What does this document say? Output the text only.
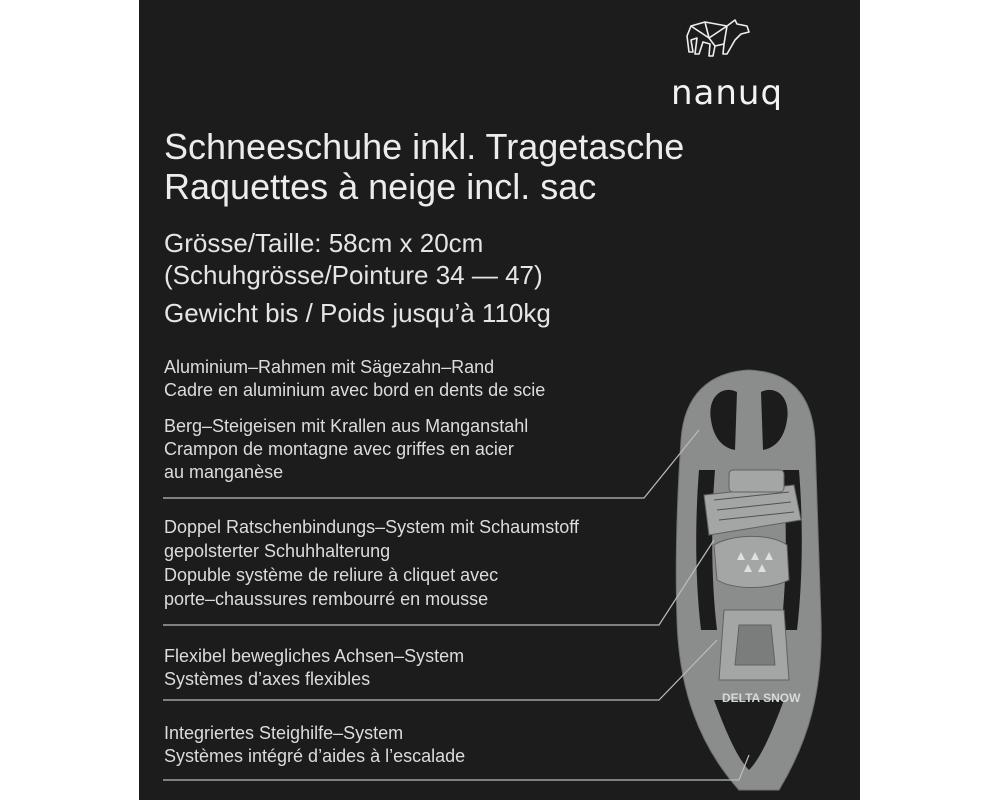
DELTA SNOW
nanuq
Schneeschuhe inkl. Tragetasche
Raquettes à neige incl. sac
Grösse/Taille: 58cm x 20cm
(Schuhgrösse/Pointure 34 — 47)
Gewicht bis / Poids jusqu’à 110kg
Aluminium–Rahmen mit Sägezahn–Rand
Cadre en aluminium avec bord en dents de scie
Berg–Steigeisen mit Krallen aus Manganstahl
Crampon de montagne avec griffes en acier
au manganèse
Doppel Ratschenbindungs–System mit Schaumstoff
gepolsterter Schuhhalterung
Dopuble système de reliure à cliquet avec
porte–chaussures rembourré en mousse
Flexibel bewegliches Achsen–System
Systèmes d’axes flexibles
Integriertes Steighilfe–System
Systèmes intégré d’aides à l’escalade
